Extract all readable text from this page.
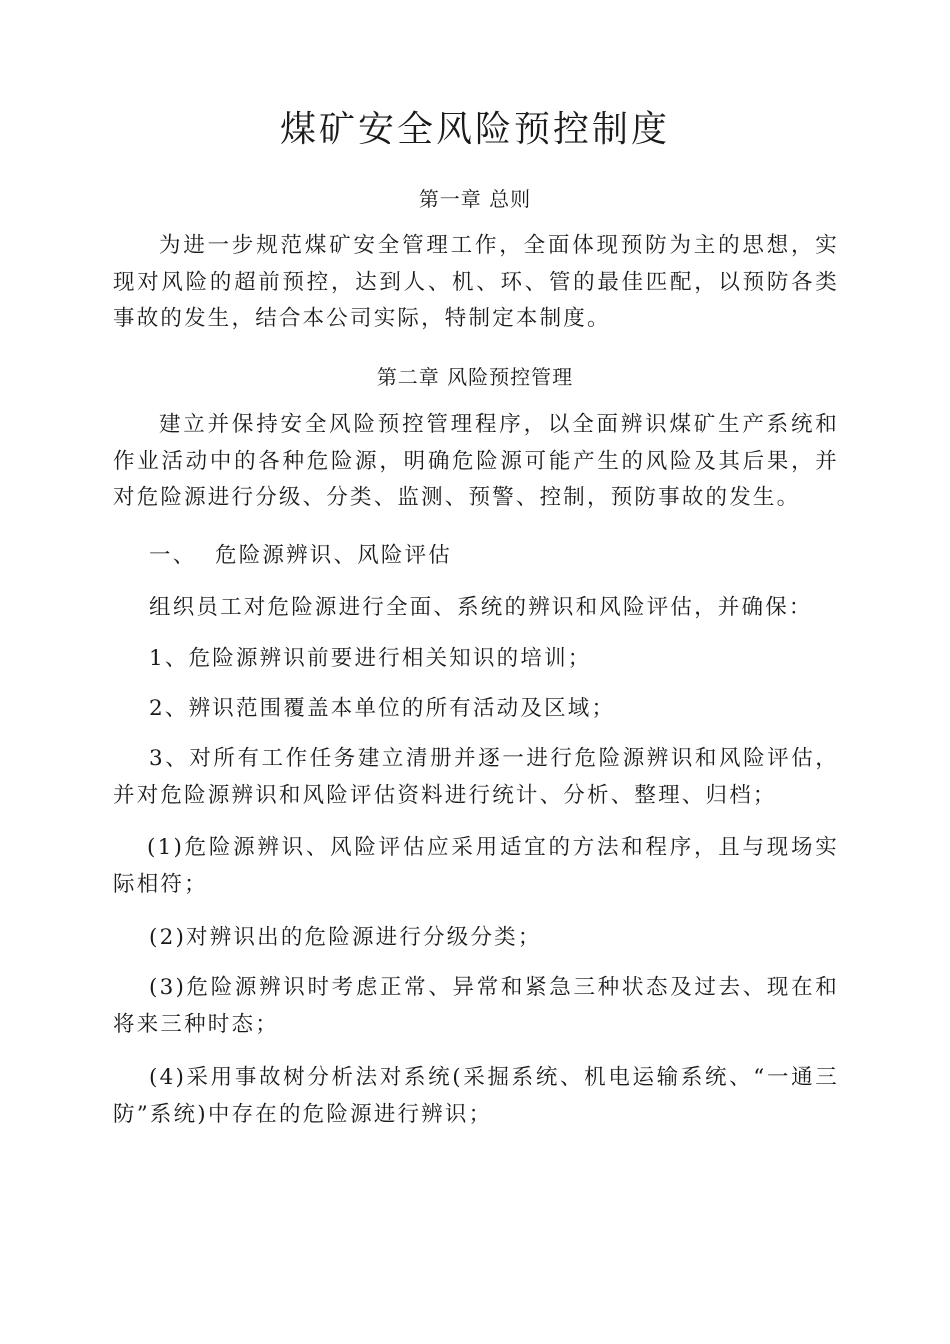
煤矿安全风险预控制度
第一章 总则

为进一步规范煤矿安全管理工作，全面体现预防为主的思想，实现对风险的超前预控，达到人、机、环、管的最佳匹配，以预防各类事故的发生，结合本公司实际，特制定本制度。

第二章 风险预控管理

建立并保持安全风险预控管理程序，以全面辨识煤矿生产系统和作业活动中的各种危险源，明确危险源可能产生的风险及其后果，并对危险源进行分级、分类、监测、预警、控制，预防事故的发生。

一、 危险源辨识、风险评估

组织员工对危险源进行全面、系统的辨识和风险评估，并确保：

1、危险源辨识前要进行相关知识的培训；

2、辨识范围覆盖本单位的所有活动及区域；

3、对所有工作任务建立清册并逐一进行危险源辨识和风险评估，并对危险源辨识和风险评估资料进行统计、分析、整理、归档；

(1)危险源辨识、风险评估应采用适宜的方法和程序，且与现场实际相符；

(2)对辨识出的危险源进行分级分类；

(3)危险源辨识时考虑正常、异常和紧急三种状态及过去、现在和将来三种时态；

(4)采用事故树分析法对系统(采掘系统、机电运输系统、“一通三防”系统)中存在的危险源进行辨识；
